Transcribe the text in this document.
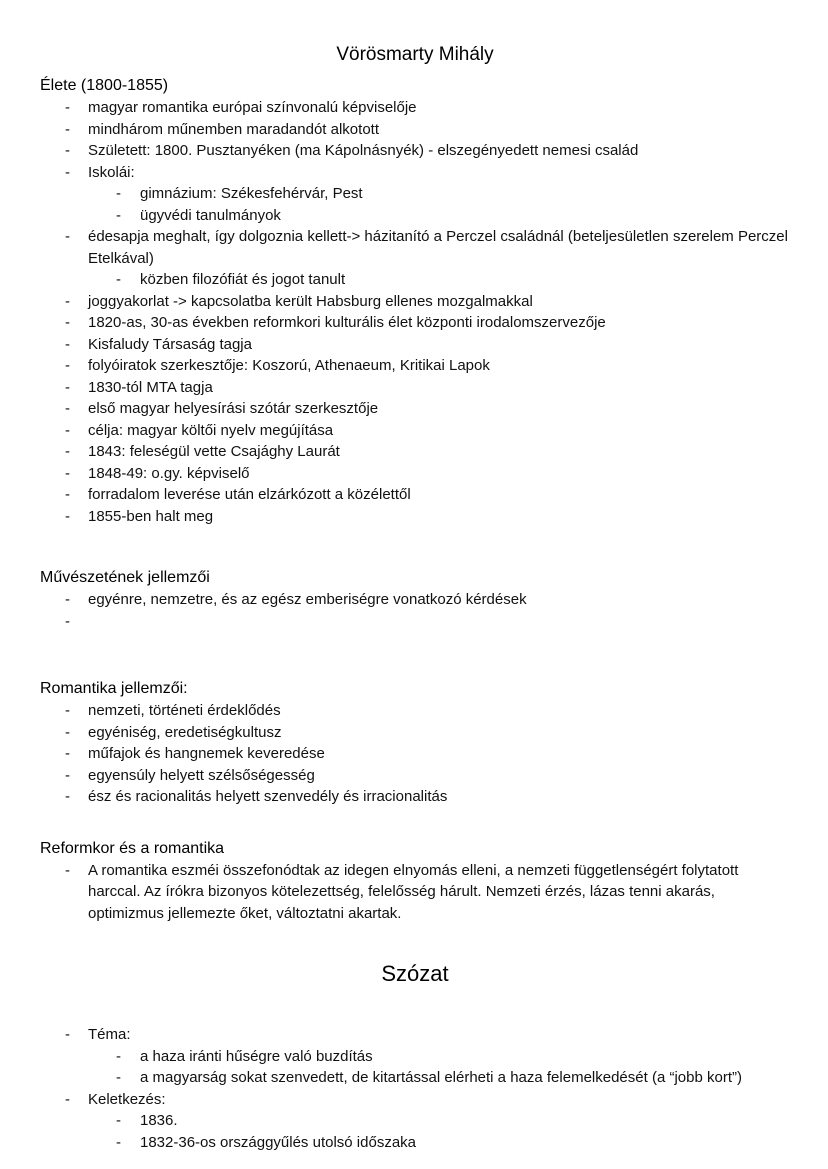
Vörösmarty Mihály
Élete (1800-1855)
-	magyar romantika európai színvonalú képviselője
-	mindhárom műnemben maradandót alkotott
-	Született: 1800. Pusztanyéken (ma Kápolnásnyék) - elszegényedett nemesi család
-	Iskolái:
-	gimnázium: Székesfehérvár, Pest
-	ügyvédi tanulmányok
-	édesapja meghalt, így dolgoznia kellett-> házitanító a Perczel családnál (beteljesületlen szerelem Perczel Etelkával)
-	közben filozófiát és jogot tanult
-	joggyakorlat -> kapcsolatba került Habsburg ellenes mozgalmakkal
-	1820-as, 30-as években reformkori kulturális élet központi irodalomszervezője
-	Kisfaludy Társaság tagja
-	folyóiratok szerkesztője: Koszorú, Athenaeum, Kritikai Lapok
-	1830-tól MTA tagja
-	első magyar helyesírási szótár szerkesztője
-	célja: magyar költői nyelv megújítása
-	1843: feleségül vette Csajághy Laurát
-	1848-49: o.gy. képviselő
-	forradalom leverése után elzárkózott a közélettől
-	1855-ben halt meg
Művészetének jellemzői
-	egyénre, nemzetre, és az egész emberiségre vonatkozó kérdések
-
Romantika jellemzői:
-	nemzeti, történeti érdeklődés
-	egyéniség, eredetiségkultusz
-	műfajok és hangnemek keveredése
-	egyensúly helyett szélsőségesség
-	ész és racionalitás helyett szenvedély és irracionalitás
Reformkor és a romantika
-	A romantika eszméi összefonódtak az idegen elnyomás elleni, a nemzeti függetlenségért folytatott harccal. Az írókra bizonyos kötelezettség, felelősség hárult. Nemzeti érzés, lázas tenni akarás, optimizmus jellemezte őket, változtatni akartak.
Szózat
-	Téma:
-	a haza iránti hűségre való buzdítás
-	a magyarság sokat szenvedett, de kitartással elérheti a haza felemelkedését (a “jobb kort”)
-	Keletkezés:
-	1836.
-	1832-36-os országgyűlés utolsó időszaka
